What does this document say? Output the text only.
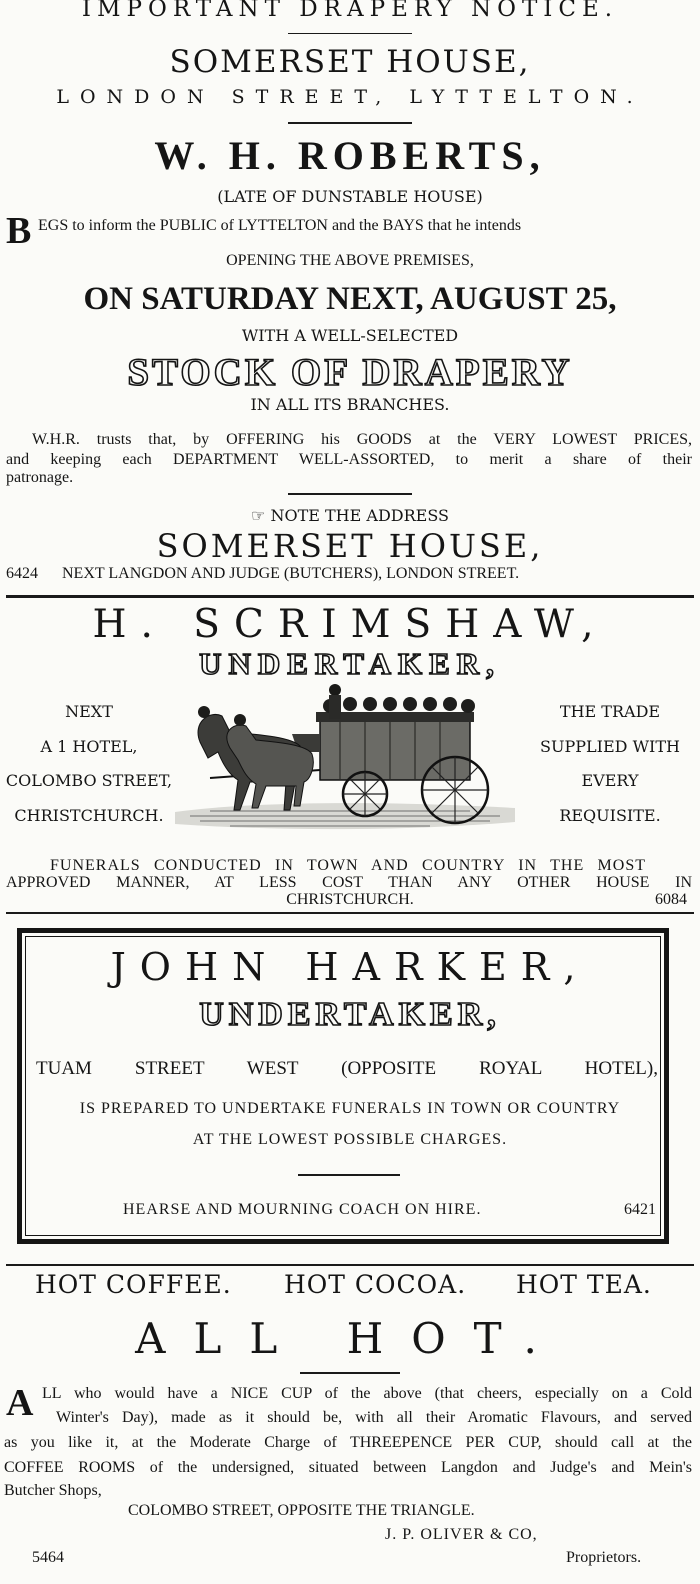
IMPORTANT DRAPERY NOTICE.
SOMERSET HOUSE,
LONDON STREET, LYTTELTON.
W. H. ROBERTS,
(LATE OF DUNSTABLE HOUSE)
B EGS to inform the PUBLIC of LYTTELTON and the BAYS that he intends
OPENING THE ABOVE PREMISES,
ON SATURDAY NEXT, AUGUST 25,
WITH A WELL-SELECTED
STOCK OF DRAPERY
IN ALL ITS BRANCHES.
W.H.R. trusts that, by OFFERING his GOODS at the VERY LOWEST PRICES,
and keeping each DEPARTMENT WELL-ASSORTED, to merit a share of their
patronage.
☞ NOTE THE ADDRESS
SOMERSET HOUSE,
6424 NEXT LANGDON AND JUDGE (BUTCHERS), LONDON STREET.
H. SCRIMSHAW,
UNDERTAKER,
NEXT
A 1 HOTEL,
COLOMBO STREET,
CHRISTCHURCH.
THE TRADE
SUPPLIED WITH
EVERY
REQUISITE.
FUNERALS CONDUCTED IN TOWN AND COUNTRY IN THE MOST
APPROVED MANNER, AT LESS COST THAN ANY OTHER HOUSE IN
CHRISTCHURCH.	6084
JOHN HARKER,
UNDERTAKER,
TUAM STREET WEST (OPPOSITE ROYAL HOTEL),
IS PREPARED TO UNDERTAKE FUNERALS IN TOWN OR COUNTRY
AT THE LOWEST POSSIBLE CHARGES.
HEARSE AND MOURNING COACH ON HIRE.	6421
HOT COFFEE. HOT COCOA. HOT TEA.
ALL HOT.
A LL who would have a NICE CUP of the above (that cheers, especially on a Cold
Winter's Day), made as it should be, with all their Aromatic Flavours, and served
as you like it, at the Moderate Charge of THREEPENCE PER CUP, should call at the
COFFEE ROOMS of the undersigned, situated between Langdon and Judge's and Mein's
Butcher Shops,
COLOMBO STREET, OPPOSITE THE TRIANGLE.
J. P. OLIVER & CO,
5464	Proprietors.
